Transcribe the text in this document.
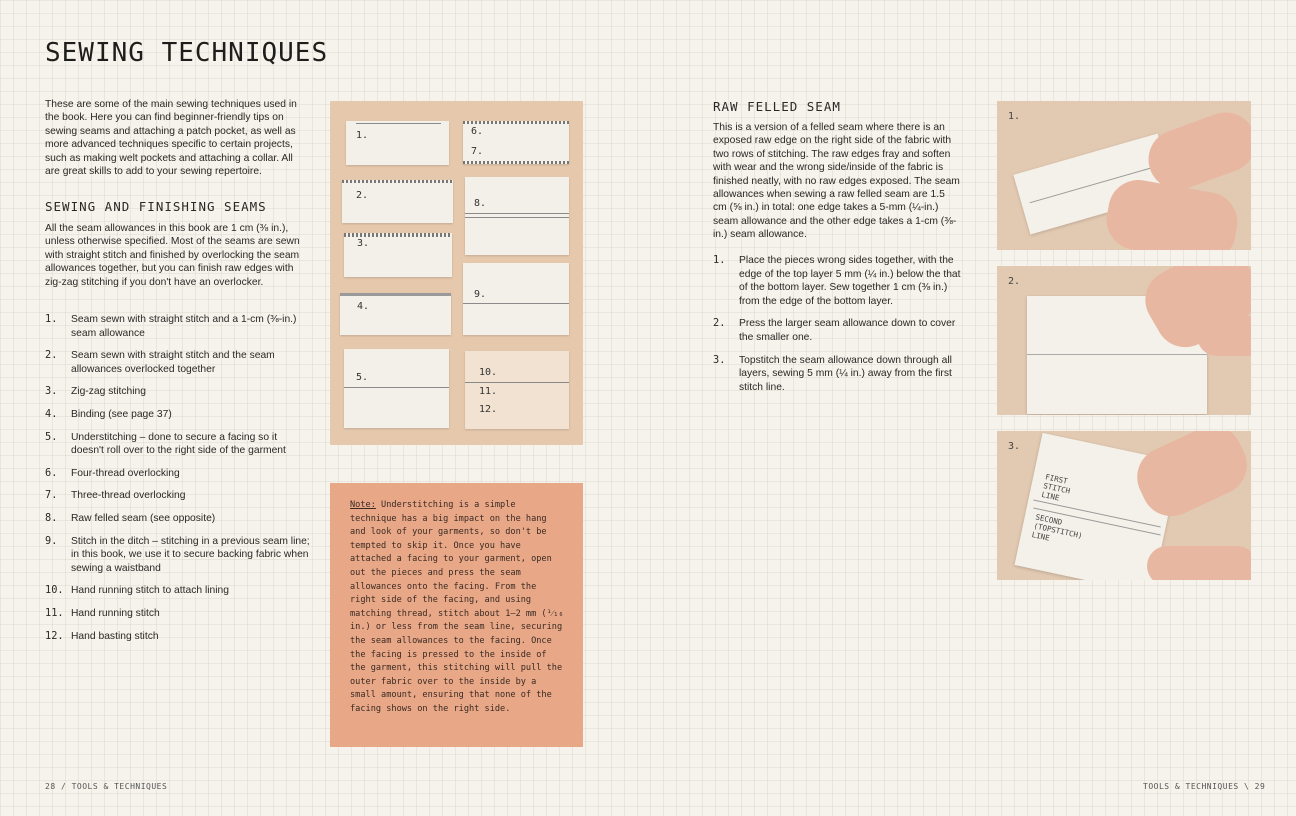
SEWING TECHNIQUES
These are some of the main sewing techniques used in the book. Here you can find beginner-friendly tips on sewing seams and attaching a patch pocket, as well as more advanced techniques specific to certain projects, such as making welt pockets and attaching a collar. All are great skills to add to your sewing repertoire.
SEWING AND FINISHING SEAMS
All the seam allowances in this book are 1 cm (⅜ in.), unless otherwise specified. Most of the seams are sewn with straight stitch and finished by overlocking the seam allowances together, but you can finish raw edges with zig-zag stitching if you don't have an overlocker.
1. Seam sewn with straight stitch and a 1-cm (⅜-in.) seam allowance
2. Seam sewn with straight stitch and the seam allowances overlocked together
3. Zig-zag stitching
4. Binding (see page 37)
5. Understitching – done to secure a facing so it doesn't roll over to the right side of the garment
6. Four-thread overlocking
7. Three-thread overlocking
8. Raw felled seam (see opposite)
9. Stitch in the ditch – stitching in a previous seam line; in this book, we use it to secure backing fabric when sewing a waistband
10. Hand running stitch to attach lining
11. Hand running stitch
12. Hand basting stitch
1.	6.
7.
2.
8.
3.
4.
9.
5.	10.
11.
12.
Note: Understitching is a simple technique has a big impact on the hang and look of your garments, so don't be tempted to skip it. Once you have attached a facing to your garment, open out the pieces and press the seam allowances onto the facing. From the right side of the facing, and using matching thread, stitch about 1–2 mm (¹⁄₁₆ in.) or less from the seam line, securing the seam allowances to the facing. Once the facing is pressed to the inside of the garment, this stitching will pull the outer fabric over to the inside by a small amount, ensuring that none of the facing shows on the right side.
28 / TOOLS & TECHNIQUES
RAW FELLED SEAM
This is a version of a felled seam where there is an exposed raw edge on the right side of the fabric with two rows of stitching. The raw edges fray and soften with wear and the wrong side/inside of the fabric is finished neatly, with no raw edges exposed. The seam allowances when sewing a raw felled seam are 1.5 cm (⅝ in.) in total: one edge takes a 5-mm (¼-in.) seam allowance and the other edge takes a 1-cm (⅜-in.) seam allowance.
1. Place the pieces wrong sides together, with the edge of the top layer 5 mm (¼ in.) below the that of the bottom layer. Sew together 1 cm (⅜ in.) from the edge of the bottom layer.
2. Press the larger seam allowance down to cover the smaller one.
3. Topstitch the seam allowance down through all layers, sewing 5 mm (¼ in.) away from the first stitch line.
1.
2.
3.
FIRST STITCH LINE
SECOND (TOPSTITCH) LINE
TOOLS & TECHNIQUES \ 29
